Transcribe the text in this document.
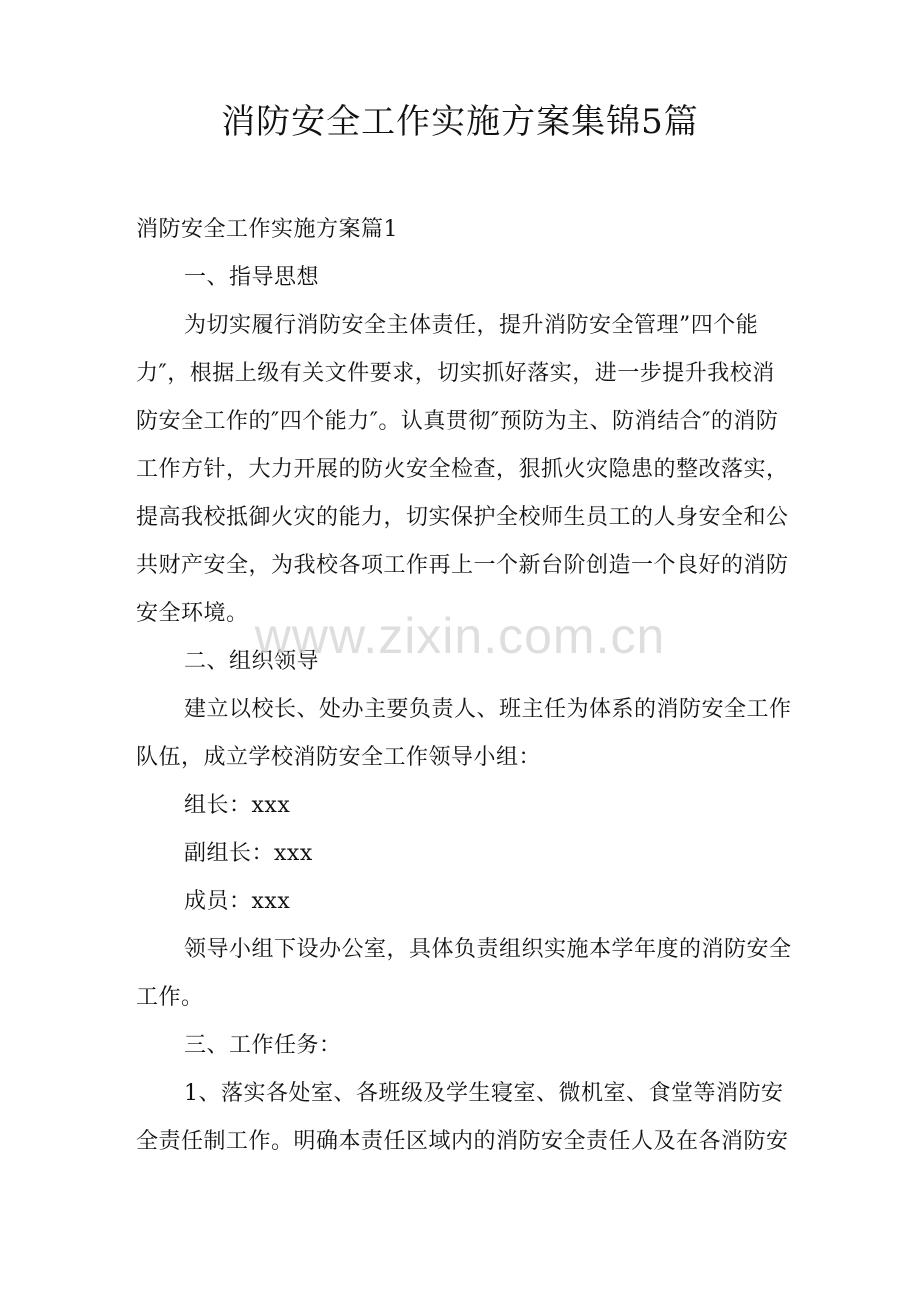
消防安全工作实施方案集锦5篇

消防安全工作实施方案篇1

一、指导思想

为切实履行消防安全主体责任，提升消防安全管理”四个能力″，根据上级有关文件要求，切实抓好落实，进一步提升我校消防安全工作的″四个能力″。认真贯彻″预防为主、防消结合″的消防工作方针，大力开展的防火安全检查，狠抓火灾隐患的整改落实，提高我校抵御火灾的能力，切实保护全校师生员工的人身安全和公共财产安全，为我校各项工作再上一个新台阶创造一个良好的消防安全环境。

二、组织领导

建立以校长、处办主要负责人、班主任为体系的消防安全工作队伍，成立学校消防安全工作领导小组：

组长：xxx

副组长：xxx

成员：xxx

领导小组下设办公室，具体负责组织实施本学年度的消防安全工作。

三、工作任务：

1、落实各处室、各班级及学生寝室、微机室、食堂等消防安全责任制工作。明确本责任区域内的消防安全责任人及在各消防安

www.zixin.com.cn
